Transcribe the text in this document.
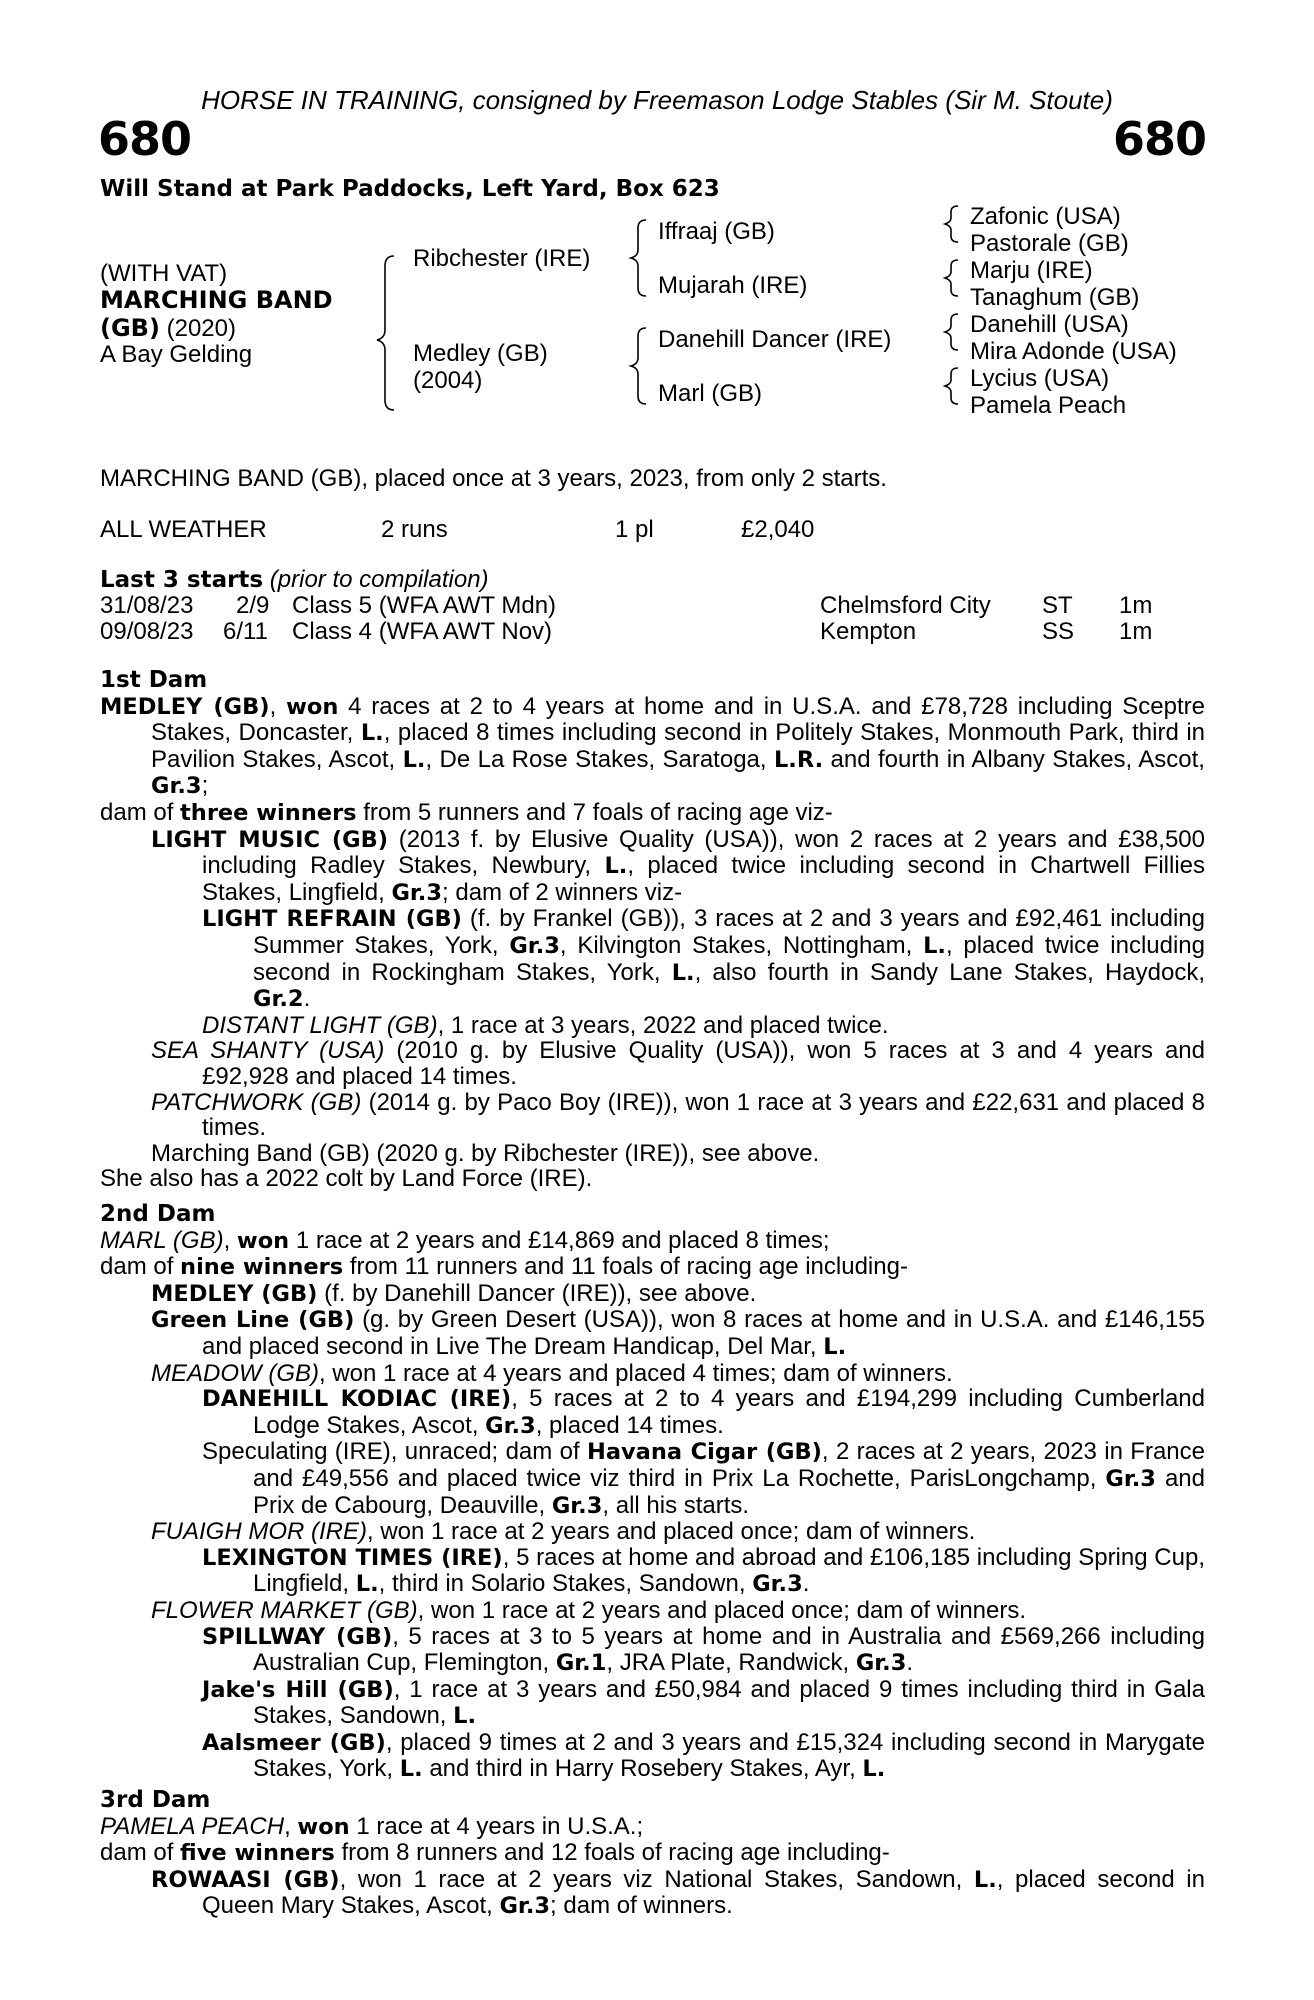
HORSE IN TRAINING, consigned by Freemason Lodge Stables (Sir M. Stoute)
680	680
Will Stand at Park Paddocks, Left Yard, Box 623
(WITH VAT)
MARCHING BAND
(GB) (2020)
A Bay Gelding
Ribchester (IRE)
Medley (GB)
(2004)
Iffraaj (GB)
Mujarah (IRE)
Danehill Dancer (IRE)
Marl (GB)
Zafonic (USA)
Pastorale (GB)
Marju (IRE)
Tanaghum (GB)
Danehill (USA)
Mira Adonde (USA)
Lycius (USA)
Pamela Peach
MARCHING BAND (GB), placed once at 3 years, 2023, from only 2 starts.
ALL WEATHER	2 runs	1 pl	£2,040
Last 3 starts (prior to compilation)
31/08/23 2/9 Class 5 (WFA AWT Mdn)	Chelmsford City ST 1m
09/08/23 6/11 Class 4 (WFA AWT Nov)	Kempton	SS 1m

1st Dam

MEDLEY (GB), won 4 races at 2 to 4 years at home and in U.S.A. and £78,728 including Sceptre Stakes, Doncaster, L., placed 8 times including second in Politely Stakes, Monmouth Park, third in Pavilion Stakes, Ascot, L., De La Rose Stakes, Saratoga, L.R. and fourth in Albany Stakes, Ascot, Gr.3;

dam of three winners from 5 runners and 7 foals of racing age viz-

LIGHT MUSIC (GB) (2013 f. by Elusive Quality (USA)), won 2 races at 2 years and £38,500 including Radley Stakes, Newbury, L., placed twice including second in Chartwell Fillies Stakes, Lingfield, Gr.3; dam of 2 winners viz-

LIGHT REFRAIN (GB) (f. by Frankel (GB)), 3 races at 2 and 3 years and £92,461 including Summer Stakes, York, Gr.3, Kilvington Stakes, Nottingham, L., placed twice including second in Rockingham Stakes, York, L., also fourth in Sandy Lane Stakes, Haydock, Gr.2.

DISTANT LIGHT (GB), 1 race at 3 years, 2022 and placed twice.

SEA SHANTY (USA) (2010 g. by Elusive Quality (USA)), won 5 races at 3 and 4 years and £92,928 and placed 14 times.

PATCHWORK (GB) (2014 g. by Paco Boy (IRE)), won 1 race at 3 years and £22,631 and placed 8 times.

Marching Band (GB) (2020 g. by Ribchester (IRE)), see above.

She also has a 2022 colt by Land Force (IRE).

2nd Dam

MARL (GB), won 1 race at 2 years and £14,869 and placed 8 times;

dam of nine winners from 11 runners and 11 foals of racing age including-

MEDLEY (GB) (f. by Danehill Dancer (IRE)), see above.

Green Line (GB) (g. by Green Desert (USA)), won 8 races at home and in U.S.A. and £146,155 and placed second in Live The Dream Handicap, Del Mar, L.

MEADOW (GB), won 1 race at 4 years and placed 4 times; dam of winners.

DANEHILL KODIAC (IRE), 5 races at 2 to 4 years and £194,299 including Cumberland Lodge Stakes, Ascot, Gr.3, placed 14 times.

Speculating (IRE), unraced; dam of Havana Cigar (GB), 2 races at 2 years, 2023 in France and £49,556 and placed twice viz third in Prix La Rochette, ParisLongchamp, Gr.3 and Prix de Cabourg, Deauville, Gr.3, all his starts.

FUAIGH MOR (IRE), won 1 race at 2 years and placed once; dam of winners.

LEXINGTON TIMES (IRE), 5 races at home and abroad and £106,185 including Spring Cup, Lingfield, L., third in Solario Stakes, Sandown, Gr.3.

FLOWER MARKET (GB), won 1 race at 2 years and placed once; dam of winners.

SPILLWAY (GB), 5 races at 3 to 5 years at home and in Australia and £569,266 including Australian Cup, Flemington, Gr.1, JRA Plate, Randwick, Gr.3.

Jake's Hill (GB), 1 race at 3 years and £50,984 and placed 9 times including third in Gala Stakes, Sandown, L.

Aalsmeer (GB), placed 9 times at 2 and 3 years and £15,324 including second in Marygate Stakes, York, L. and third in Harry Rosebery Stakes, Ayr, L.

3rd Dam

PAMELA PEACH, won 1 race at 4 years in U.S.A.;

dam of five winners from 8 runners and 12 foals of racing age including-

ROWAASI (GB), won 1 race at 2 years viz National Stakes, Sandown, L., placed second in Queen Mary Stakes, Ascot, Gr.3; dam of winners.
